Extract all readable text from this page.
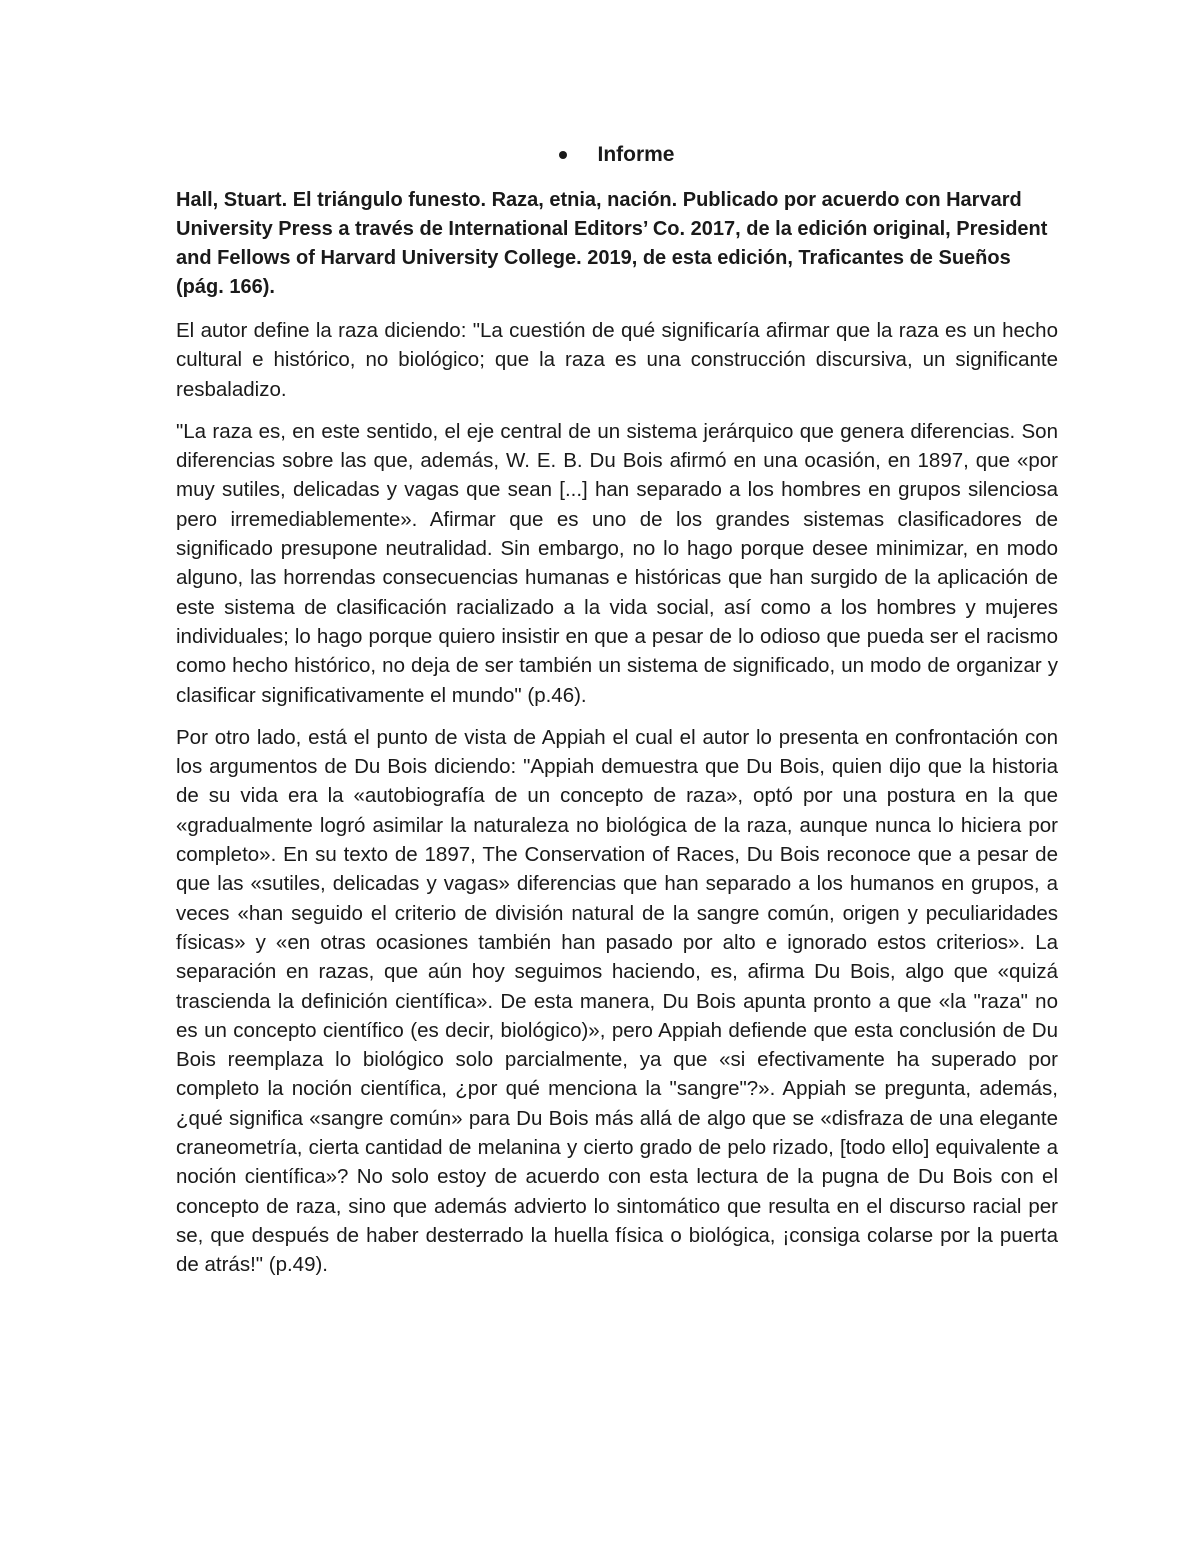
Informe

Hall, Stuart. El triángulo funesto. Raza, etnia, nación. Publicado por acuerdo con Harvard University Press a través de International Editors’ Co. 2017, de la edición original, President and Fellows of Harvard University College. 2019, de esta edición, Traficantes de Sueños (pág. 166).

El autor define la raza diciendo: "La cuestión de qué significaría afirmar que la raza es un hecho cultural e histórico, no biológico; que la raza es una construcción discursiva, un significante resbaladizo.

"La raza es, en este sentido, el eje central de un sistema jerárquico que genera diferencias. Son diferencias sobre las que, además, W. E. B. Du Bois afirmó en una ocasión, en 1897, que «por muy sutiles, delicadas y vagas que sean [...] han separado a los hombres en grupos silenciosa pero irremediablemente». Afirmar que es uno de los grandes sistemas clasificadores de significado presupone neutralidad. Sin embargo, no lo hago porque desee minimizar, en modo alguno, las horrendas consecuencias humanas e históricas que han surgido de la aplicación de este sistema de clasificación racializado a la vida social, así como a los hombres y mujeres individuales; lo hago porque quiero insistir en que a pesar de lo odioso que pueda ser el racismo como hecho histórico, no deja de ser también un sistema de significado, un modo de organizar y clasificar significativamente el mundo" (p.46).

Por otro lado, está el punto de vista de Appiah el cual el autor lo presenta en confrontación con los argumentos de Du Bois diciendo: "Appiah demuestra que Du Bois, quien dijo que la historia de su vida era la «autobiografía de un concepto de raza», optó por una postura en la que «gradualmente logró asimilar la naturaleza no biológica de la raza, aunque nunca lo hiciera por completo». En su texto de 1897, The Conservation of Races, Du Bois reconoce que a pesar de que las «sutiles, delicadas y vagas» diferencias que han separado a los humanos en grupos, a veces «han seguido el criterio de división natural de la sangre común, origen y peculiaridades físicas» y «en otras ocasiones también han pasado por alto e ignorado estos criterios». La separación en razas, que aún hoy seguimos haciendo, es, afirma Du Bois, algo que «quizá trascienda la definición científica». De esta manera, Du Bois apunta pronto a que «la "raza" no es un concepto científico (es decir, biológico)», pero Appiah defiende que esta conclusión de Du Bois reemplaza lo biológico solo parcialmente, ya que «si efectivamente ha superado por completo la noción científica, ¿por qué menciona la "sangre"?». Appiah se pregunta, además, ¿qué significa «sangre común» para Du Bois más allá de algo que se «disfraza de una elegante craneometría, cierta cantidad de melanina y cierto grado de pelo rizado, [todo ello] equivalente a noción científica»? No solo estoy de acuerdo con esta lectura de la pugna de Du Bois con el concepto de raza, sino que además advierto lo sintomático que resulta en el discurso racial per se, que después de haber desterrado la huella física o biológica, ¡consiga colarse por la puerta de atrás!" (p.49).
